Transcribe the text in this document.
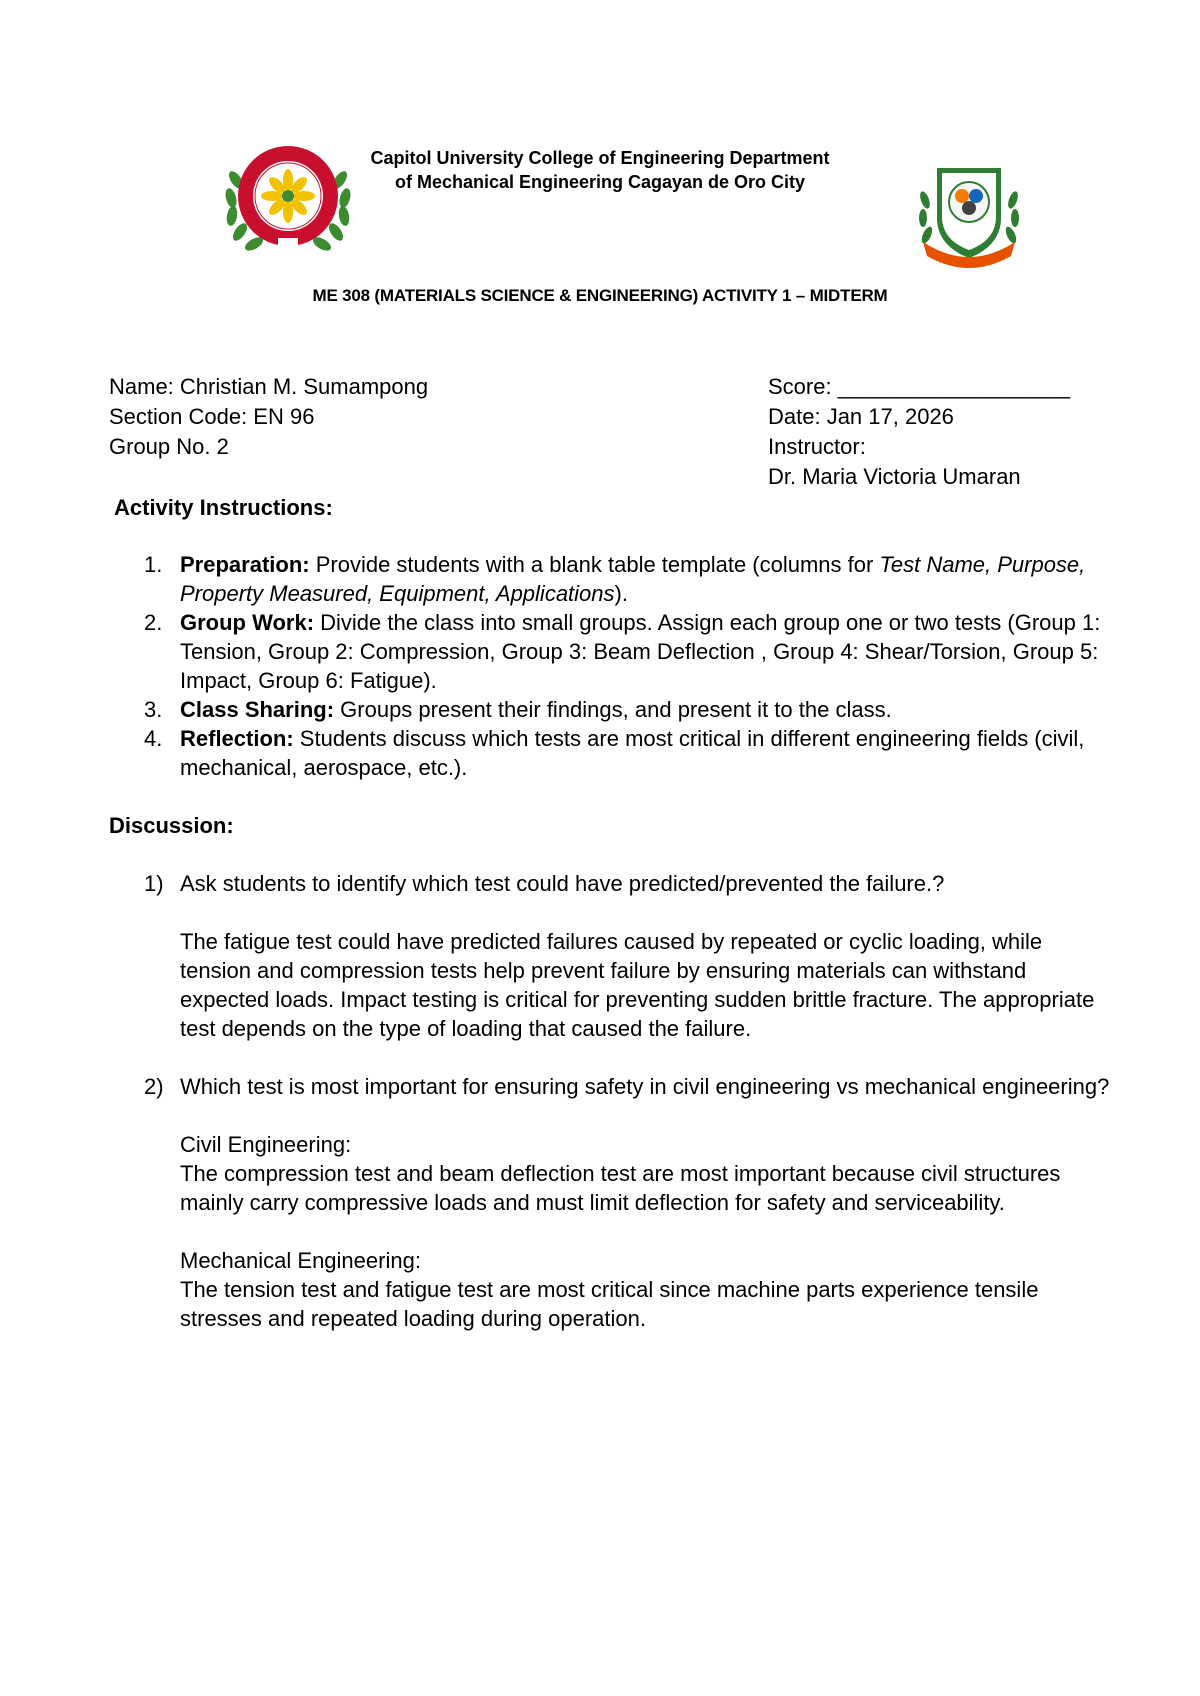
Capitol University College of Engineering Department
of Mechanical Engineering Cagayan de Oro City
ME 308 (MATERIALS SCIENCE & ENGINEERING) ACTIVITY 1 – MIDTERM
Name: Christian M. Sumampong
Section Code: EN 96
Group No. 2
Score: ___________________
Date: Jan 17, 2026
Instructor:
Dr. Maria Victoria Umaran
Activity Instructions:
1. Preparation: Provide students with a blank table template (columns for Test Name, Purpose, Property Measured, Equipment, Applications).
2. Group Work: Divide the class into small groups. Assign each group one or two tests (Group 1: Tension, Group 2: Compression, Group 3: Beam Deflection , Group 4: Shear/Torsion, Group 5: Impact, Group 6: Fatigue).
3. Class Sharing: Groups present their findings, and present it to the class.
4. Reflection: Students discuss which tests are most critical in different engineering fields (civil, mechanical, aerospace, etc.).
Discussion:
1) Ask students to identify which test could have predicted/prevented the failure.?
The fatigue test could have predicted failures caused by repeated or cyclic loading, while tension and compression tests help prevent failure by ensuring materials can withstand expected loads. Impact testing is critical for preventing sudden brittle fracture. The appropriate test depends on the type of loading that caused the failure.
2) Which test is most important for ensuring safety in civil engineering vs mechanical engineering?
Civil Engineering:
The compression test and beam deflection test are most important because civil structures mainly carry compressive loads and must limit deflection for safety and serviceability.
Mechanical Engineering:
The tension test and fatigue test are most critical since machine parts experience tensile stresses and repeated loading during operation.
